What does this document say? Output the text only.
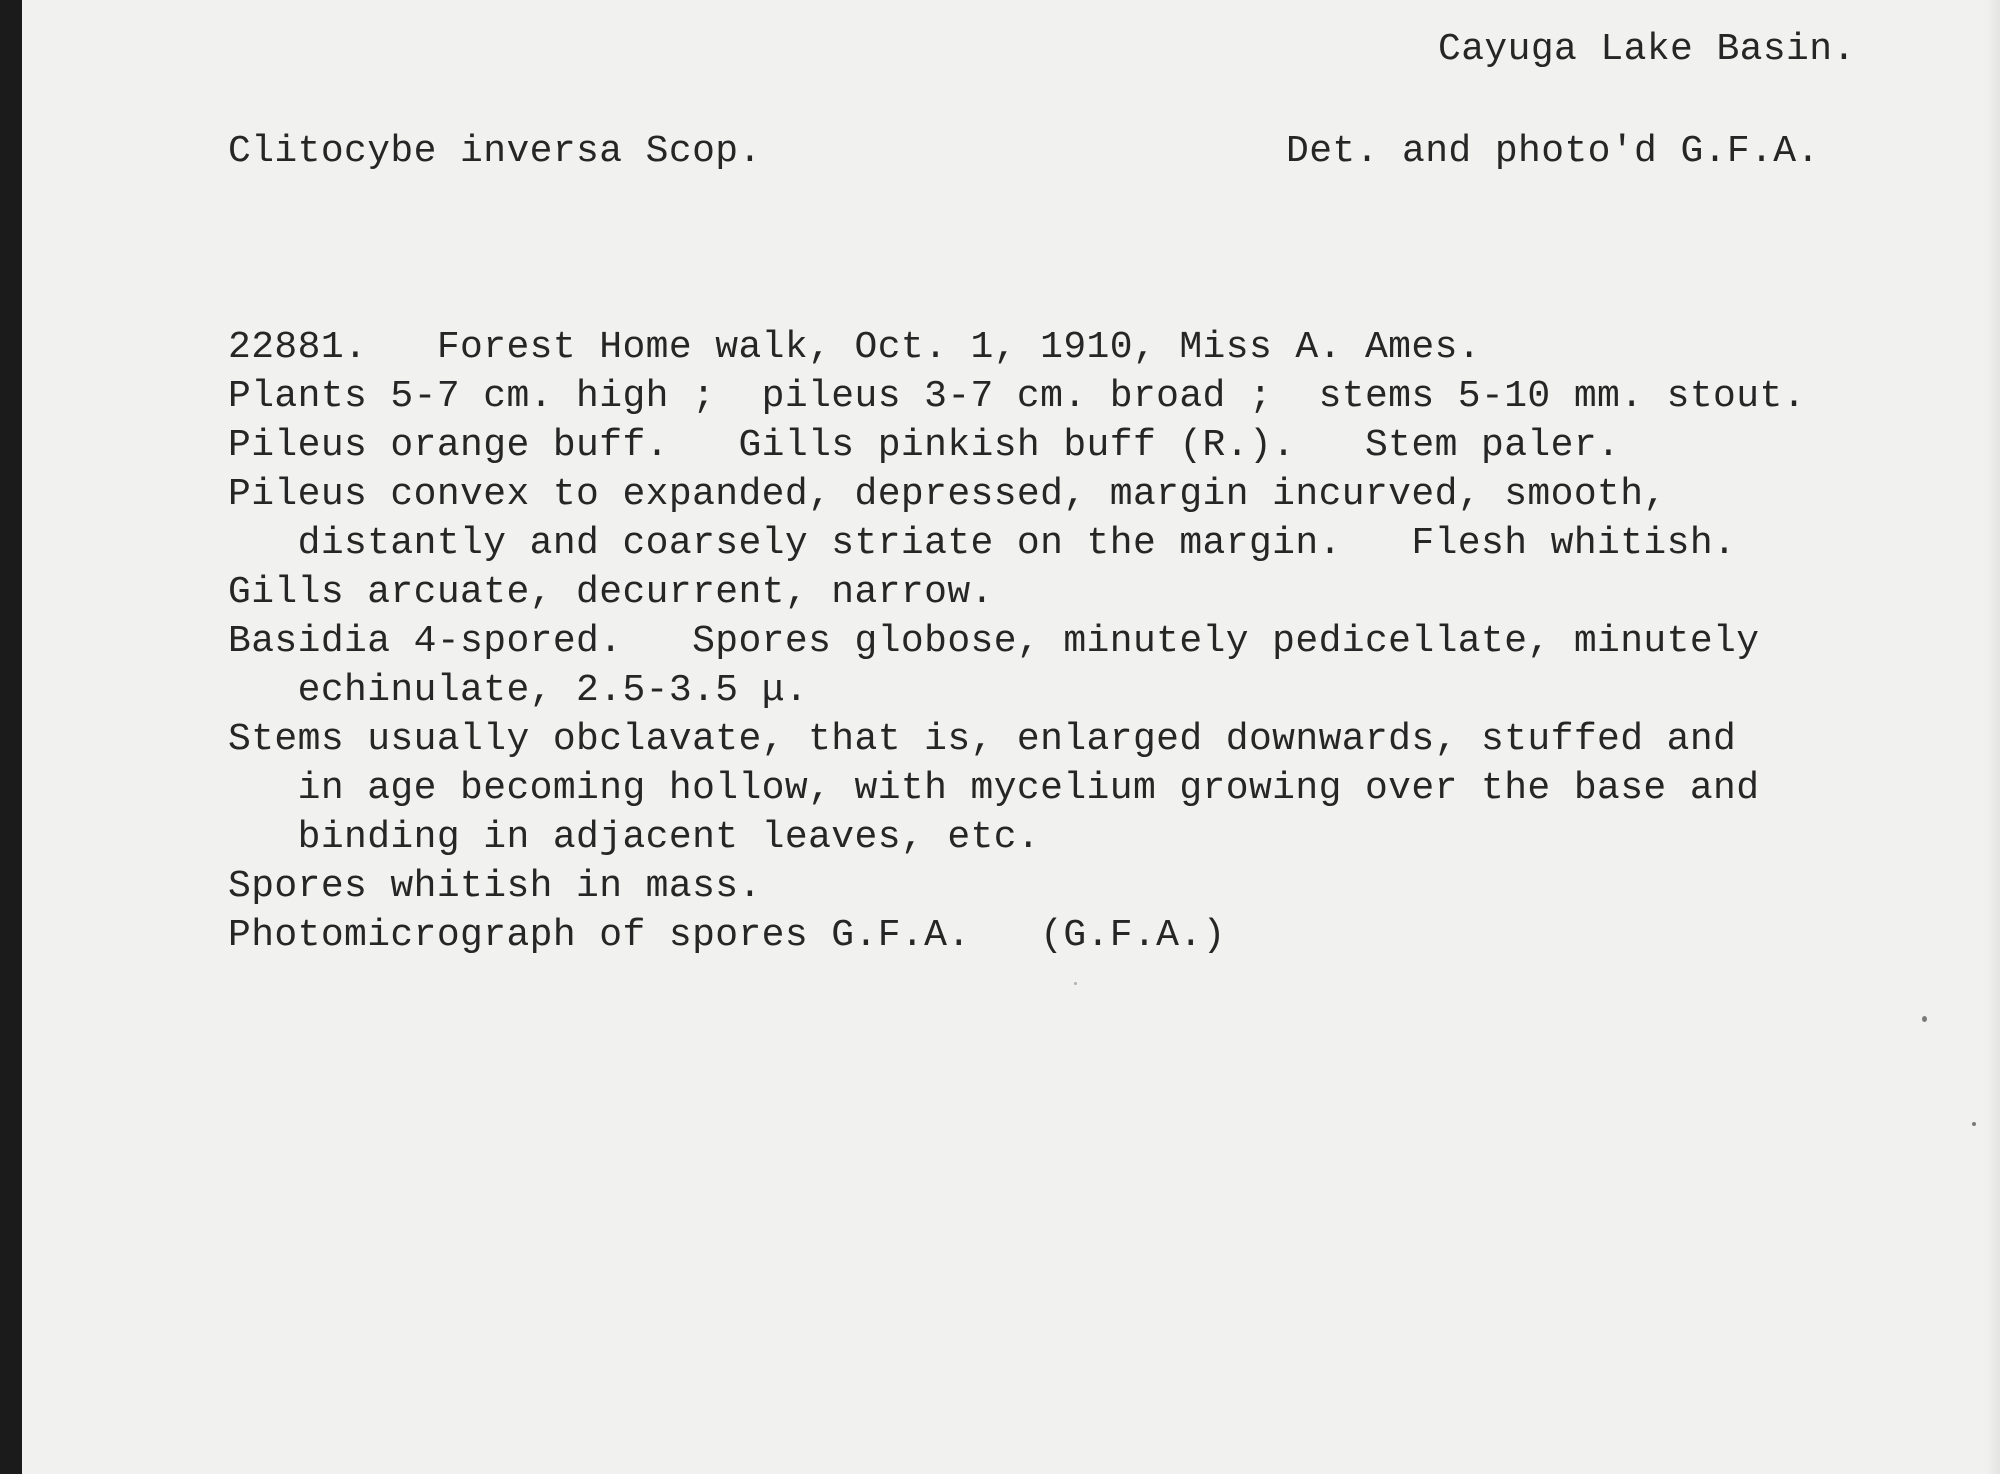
Cayuga Lake Basin.

Clitocybe inversa Scop.	Det. and photo'd G.F.A.

22881.   Forest Home walk, Oct. 1, 1910, Miss A. Ames.

Plants 5-7 cm. high ;  pileus 3-7 cm. broad ;  stems 5-10 mm. stout.

Pileus orange buff.   Gills pinkish buff (R.).   Stem paler.

Pileus convex to expanded, depressed, margin incurved, smooth,

distantly and coarsely striate on the margin.   Flesh whitish.

Gills arcuate, decurrent, narrow.

Basidia 4-spored.   Spores globose, minutely pedicellate, minutely

echinulate, 2.5-3.5 μ.

Stems usually obclavate, that is, enlarged downwards, stuffed and

in age becoming hollow, with mycelium growing over the base and

binding in adjacent leaves, etc.

Spores whitish in mass.

Photomicrograph of spores G.F.A.   (G.F.A.)
